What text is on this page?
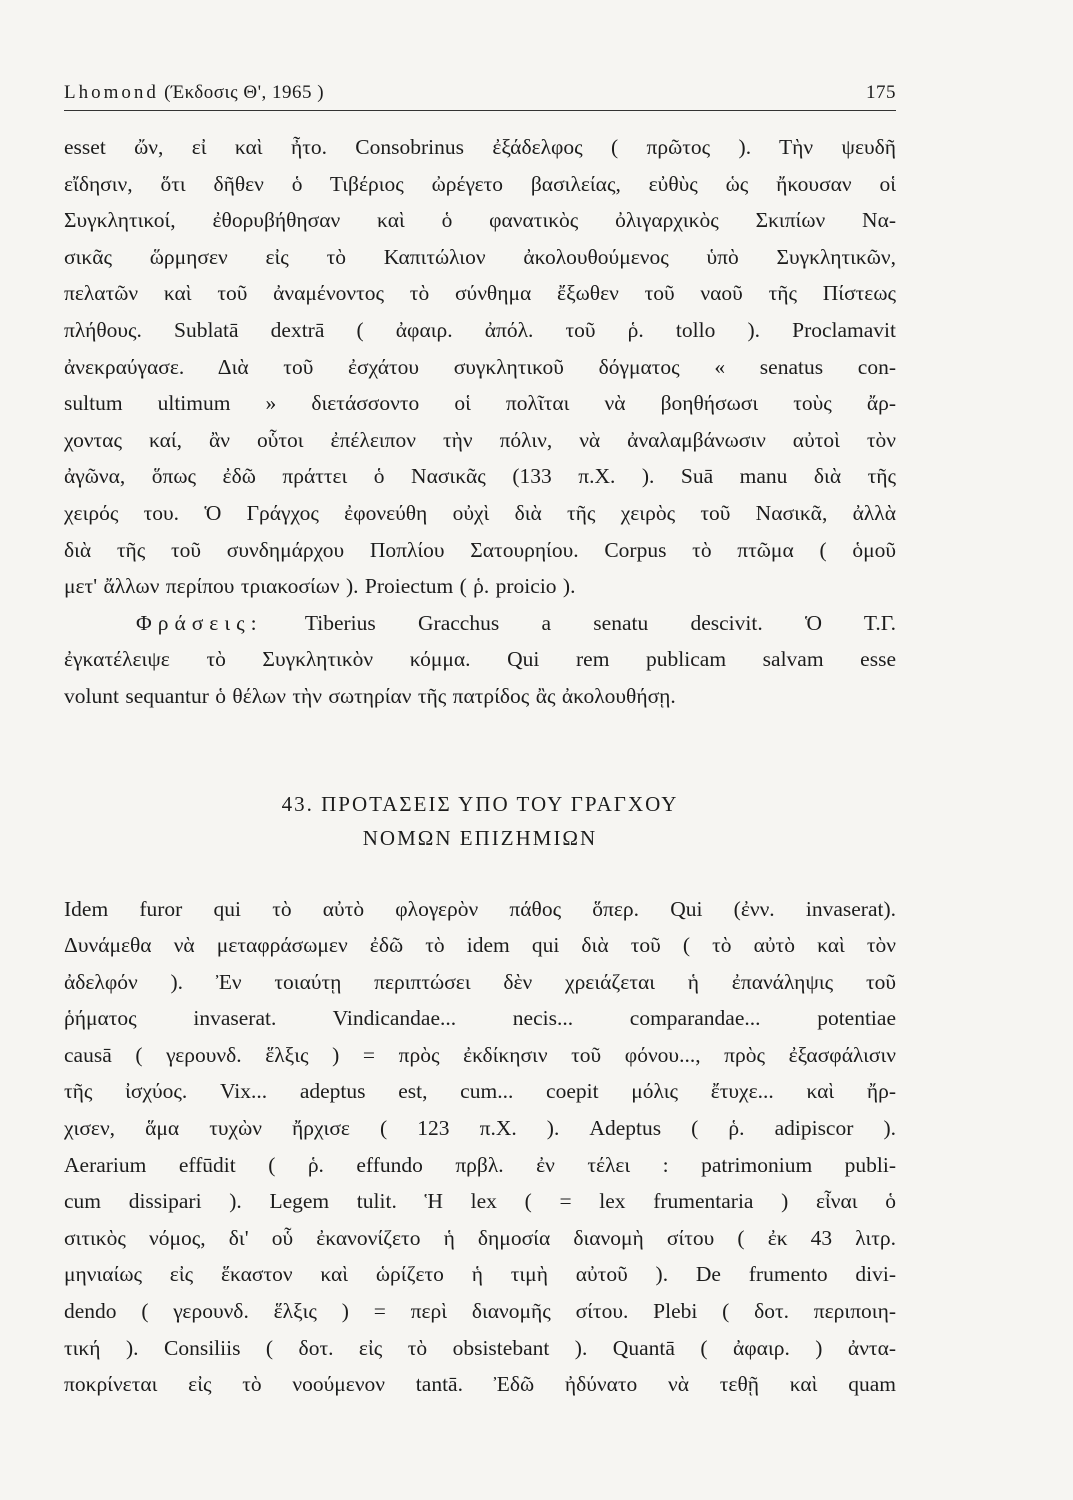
Lhomond (Έκδοσις Θ', 1965 )	175
esset ὤν, εἰ καὶ ἦτο. Consobrinus ἐξάδελφος ( πρῶτος ). Τὴν ψευδῆ
εἴδησιν, ὅτι δῆθεν ὁ Τιβέριος ὠρέγετο βασιλείας, εὐθὺς ὡς ἤκουσαν οἱ
Συγκλητικοί, ἐθορυβήθησαν καὶ ὁ φανατικὸς ὀλιγαρχικὸς Σκιπίων Να-
σικᾶς ὥρμησεν εἰς τὸ Καπιτώλιον ἀκολουθούμενος ὑπὸ Συγκλητικῶν,
πελατῶν καὶ τοῦ ἀναμένοντος τὸ σύνθημα ἔξωθεν τοῦ ναοῦ τῆς Πίστεως
πλήθους. Sublatā dextrā ( ἀφαιρ. ἀπόλ. τοῦ ῥ. tollo ). Proclamavit
ἀνεκραύγασε. Διὰ τοῦ ἐσχάτου συγκλητικοῦ δόγματος « senatus con-
sultum ultimum » διετάσσοντο οἱ πολῖται νὰ βοηθήσωσι τοὺς ἄρ-
χοντας καί, ἂν οὗτοι ἐπέλειπον τὴν πόλιν, νὰ ἀναλαμβάνωσιν αὐτοὶ τὸν
ἀγῶνα, ὅπως ἐδῶ πράττει ὁ Νασικᾶς (133 π.Χ. ). Suā manu διὰ τῆς
χειρός του. Ὁ Γράγχος ἐφονεύθη οὐχὶ διὰ τῆς χειρὸς τοῦ Νασικᾶ, ἀλλὰ
διὰ τῆς τοῦ συνδημάρχου Ποπλίου Σατουρηίου. Corpus τὸ πτῶμα ( ὁμοῦ
μετ' ἄλλων περίπου τριακοσίων ). Proiectum ( ῥ. proicio ).
Φράσεις: Tiberius Gracchus a senatu descivit. Ὁ Τ.Γ.
ἐγκατέλειψε τὸ Συγκλητικὸν κόμμα. Qui rem publicam salvam esse
volunt sequantur ὁ θέλων τὴν σωτηρίαν τῆς πατρίδος ἂς ἀκολουθήσῃ.
43. ΠΡΟΤΑΣΕΙΣ ΥΠΟ ΤΟΥ ΓΡΑΓΧΟΥ
ΝΟΜΩΝ ΕΠΙΖΗΜΙΩΝ
Idem furor qui τὸ αὐτὸ φλογερὸν πάθος ὅπερ. Qui (ἐνν. invaserat).
Δυνάμεθα νὰ μεταφράσωμεν ἐδῶ τὸ idem qui διὰ τοῦ ( τὸ αὐτὸ καὶ τὸν
ἀδελφόν ). Ἐν τοιαύτῃ περιπτώσει δὲν χρειάζεται ἡ ἐπανάληψις τοῦ
ῥήματος invaserat. Vindicandae... necis... comparandae... potentiae
causā ( γερουνδ. ἕλξις ) = πρὸς ἐκδίκησιν τοῦ φόνου..., πρὸς ἐξασφάλισιν
τῆς ἰσχύος. Vix... adeptus est, cum... coepit μόλις ἔτυχε... καὶ ἤρ-
χισεν, ἅμα τυχὼν ἤρχισε ( 123 π.Χ. ). Adeptus ( ῥ. adipiscor ).
Aerarium effūdit ( ῥ. effundo πρβλ. ἐν τέλει : patrimonium publi-
cum dissipari ). Legem tulit. Ἡ lex ( = lex frumentaria ) εἶναι ὁ
σιτικὸς νόμος, δι' οὗ ἐκανονίζετο ἡ δημοσία διανομὴ σίτου ( ἐκ 43 λιτρ.
μηνιαίως εἰς ἕκαστον καὶ ὡρίζετο ἡ τιμὴ αὐτοῦ ). De frumento divi-
dendo ( γερουνδ. ἕλξις ) = περὶ διανομῆς σίτου. Plebi ( δοτ. περιποιη-
τική ). Consiliis ( δοτ. εἰς τὸ obsistebant ). Quantā ( ἀφαιρ. ) ἀντα-
ποκρίνεται εἰς τὸ νοούμενον tantā. Ἐδῶ ἠδύνατο νὰ τεθῇ καὶ quam
